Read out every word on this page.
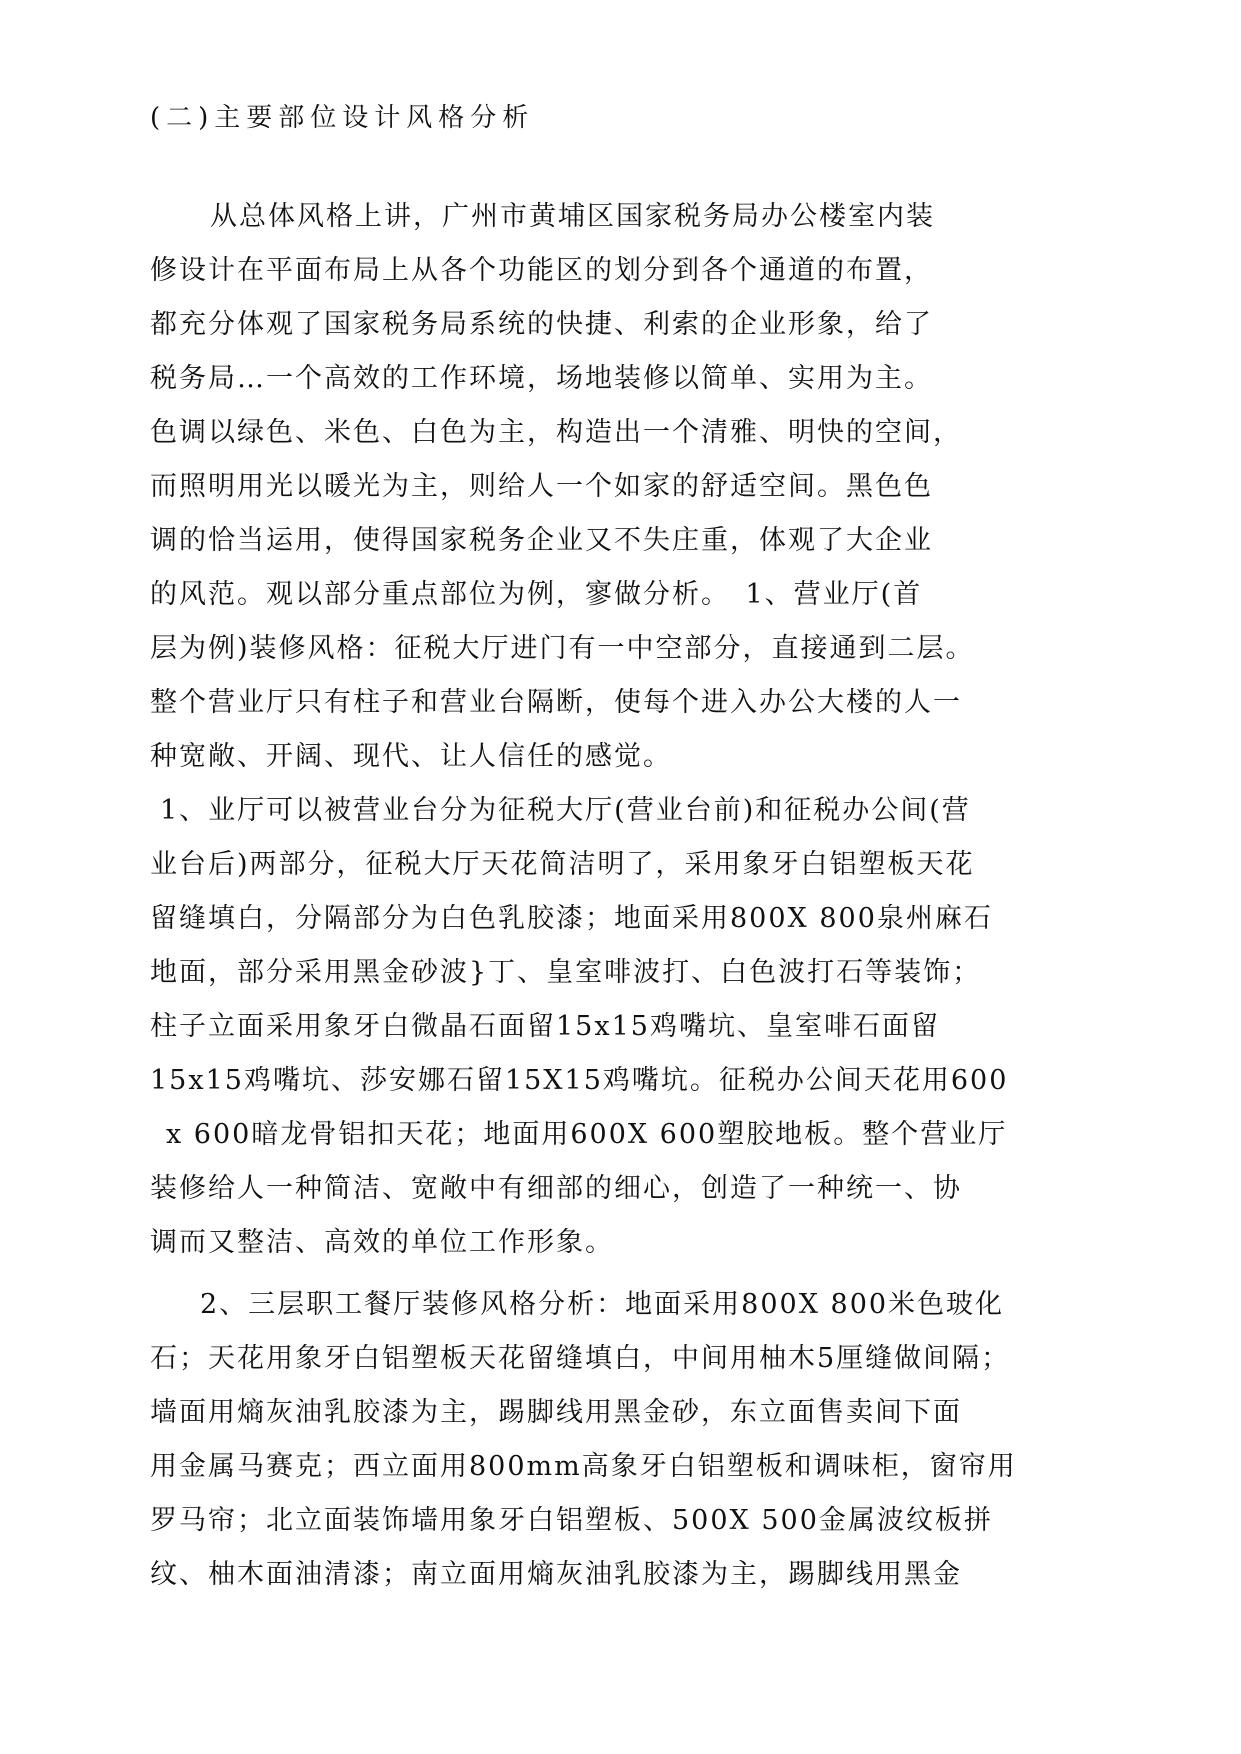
(二)主要部位设计风格分析
从总体风格上讲，广州市黄埔区国家税务局办公楼室内装
修设计在平面布局上从各个功能区的划分到各个通道的布置，
都充分体观了国家税务局系统的快捷、利索的企业形象，给了
税务局…一个高效的工作环境，场地装修以简单、实用为主。
色调以绿色、米色、白色为主，构造出一个清雅、明快的空间，
而照明用光以暖光为主，则给人一个如家的舒适空间。黑色色
调的恰当运用，使得国家税务企业又不失庄重，体观了大企业
的风范。观以部分重点部位为例，寥做分析。　1、营业厅(首
层为例)装修风格：征税大厅进门有一中空部分，直接通到二层。
整个营业厅只有柱子和营业台隔断，使每个进入办公大楼的人一
种宽敞、开阔、现代、让人信任的感觉。
1、业厅可以被营业台分为征税大厅(营业台前)和征税办公间(营
业台后)两部分，征税大厅天花简洁明了，采用象牙白铝塑板天花
留缝填白，分隔部分为白色乳胶漆；地面采用800X 800泉州麻石
地面，部分采用黑金砂波}丁、皇室啡波打、白色波打石等装饰；
柱子立面采用象牙白微晶石面留15x15鸡嘴坑、皇室啡石面留
15x15鸡嘴坑、莎安娜石留15X15鸡嘴坑。征税办公间天花用600
x 600暗龙骨铝扣天花；地面用600X 600塑胶地板。整个营业厅
装修给人一种简洁、宽敞中有细部的细心，创造了一种统一、协
调而又整洁、高效的单位工作形象。
2、三层职工餐厅装修风格分析：地面采用800X 800米色玻化
石；天花用象牙白铝塑板天花留缝填白，中间用柚木5厘缝做间隔；
墙面用熵灰油乳胶漆为主，踢脚线用黑金砂，东立面售卖间下面
用金属马赛克；西立面用800mm高象牙白铝塑板和调味柜，窗帘用
罗马帘；北立面装饰墙用象牙白铝塑板、500X 500金属波纹板拼
纹、柚木面油清漆；南立面用熵灰油乳胶漆为主，踢脚线用黑金
